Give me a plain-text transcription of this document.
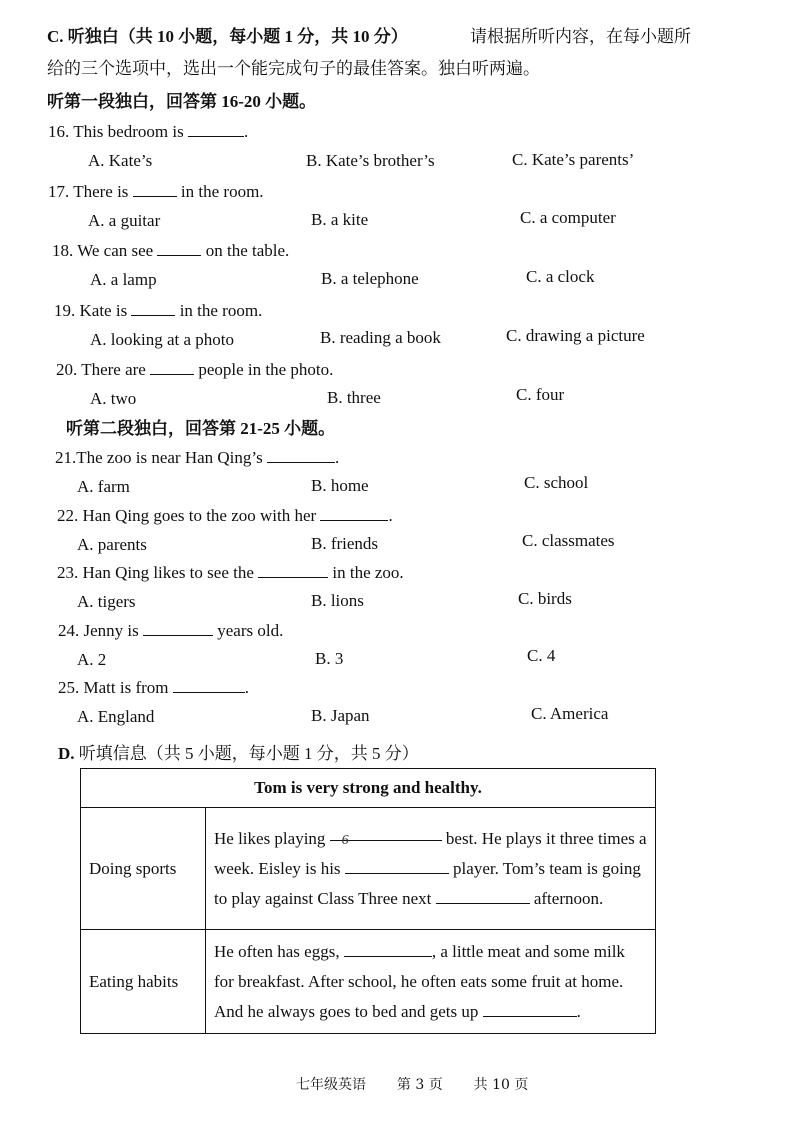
C. 听独白（共 10 小题，每小题 1 分，共 10 分）	请根据所听内容，在每小题所
给的三个选项中，选出一个能完成句子的最佳答案。独白听两遍。
听第一段独白，回答第 16-20 小题。
16. This bedroom is	.
A. Kate’s	B. Kate’s brother’s	C. Kate’s parents’
17. There is	in the room.
A. a guitar	B. a kite	C. a computer
18. We can see	on the table.
A. a lamp	B. a telephone	C. a clock
19. Kate is	in the room.
A. looking at a photo	B. reading a book	C. drawing a picture
20. There are	people in the photo.
A. two	B. three	C. four
听第二段独白，回答第 21-25 小题。
21.The zoo is near Han Qing’s	.
A. farm	B. home	C. school
22. Han Qing goes to the zoo with her	.
A. parents	B. friends	C. classmates
23. Han Qing likes to see the	in the zoo.
A. tigers	B. lions	C. birds
24. Jenny is	years old.
A. 2	B. 3	C. 4
25. Matt is from	.
A. England	B. Japan	C. America
D. 听填信息（共 5 小题，每小题 1 分，共 5 分）
Tom is very strong and healthy.	
Doing sports	He likes playing 6 best. He plays it three times a week. Eisley is his player. Tom’s team is going to play against Class Three next afternoon.
Eating habits	He often has eggs, , a little meat and some milk for breakfast. After school, he often eats some fruit at home. And he always goes to bed and gets up .
七年级英语 第 3 页 共 10 页
